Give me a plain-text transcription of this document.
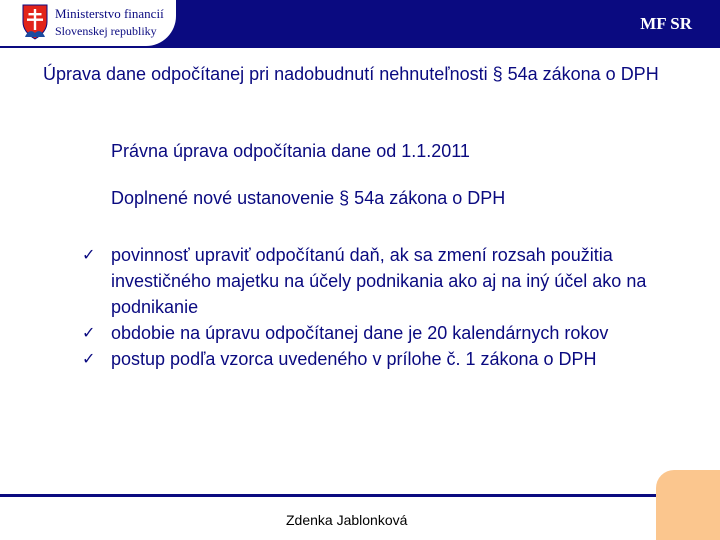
Ministerstvo financií
Slovenskej republiky	MF SR
Úprava dane odpočítanej pri nadobudnutí nehnuteľnosti § 54a zákona o DPH
Právna úprava odpočítania dane od 1.1.2011
Doplnené nové ustanovenie § 54a zákona o DPH
✓ povinnosť upraviť odpočítanú daň, ak sa zmení rozsah použitia investičného majetku na účely podnikania ako aj na iný účel ako na podnikanie
✓ obdobie na úpravu odpočítanej dane je 20 kalendárnych rokov
✓ postup podľa vzorca uvedeného v prílohe č. 1 zákona o DPH
Zdenka Jablonková
